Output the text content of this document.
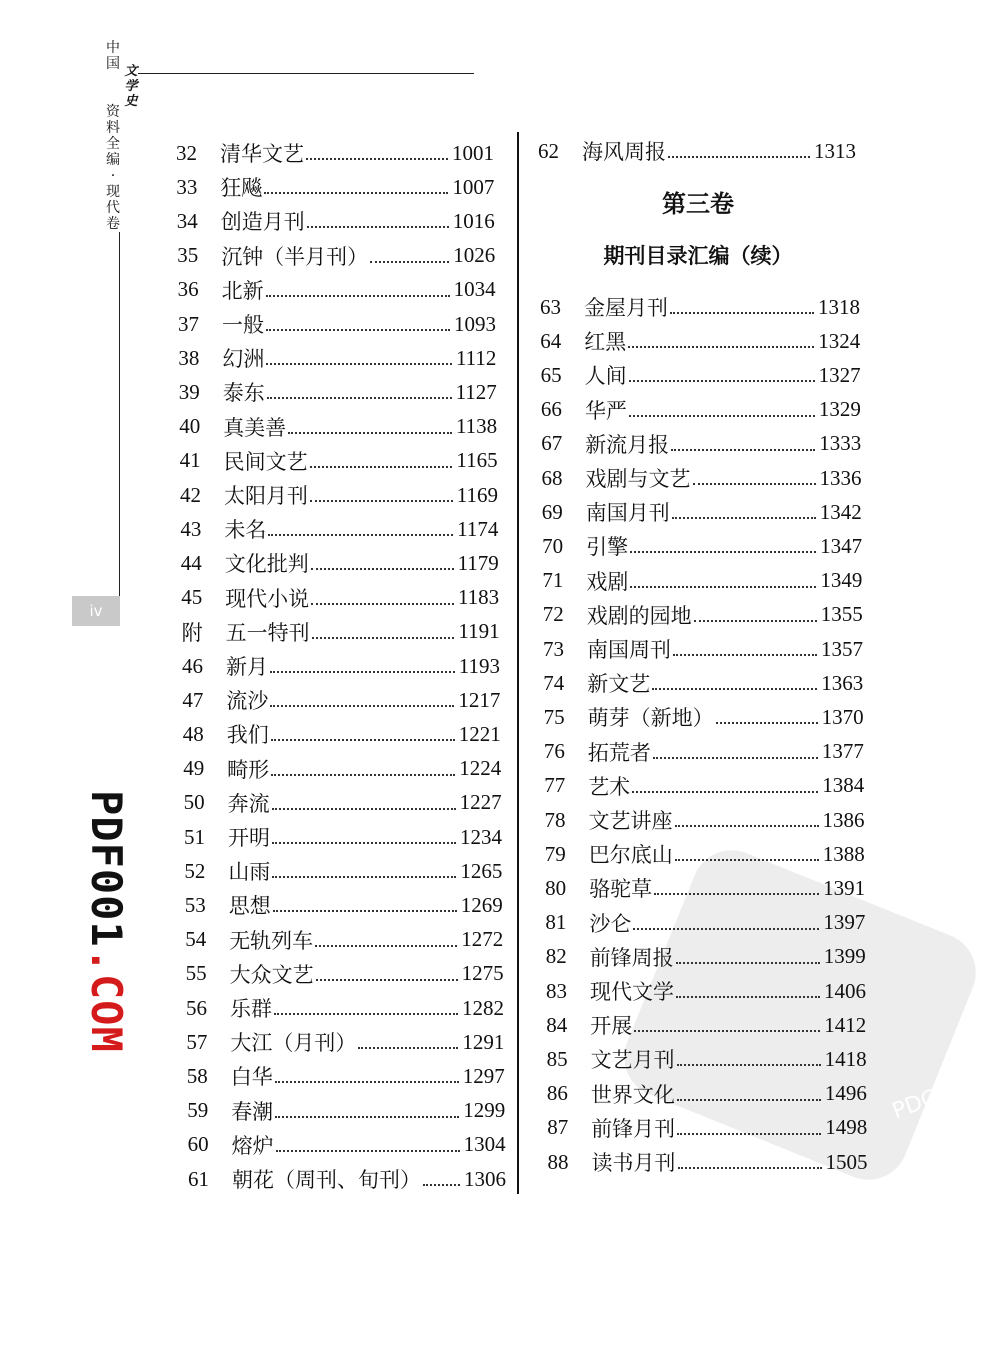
PDG
中
国 文
学
史
资
料
全
编
·
现
代
卷
iv
PDF001.COM
第三卷
期刊目录汇编（续）
32	清华文艺	1001
33	狂飚	1007
34	创造月刊	1016
35	沉钟（半月刊）	1026
36	北新	1034
37	一般	1093
38	幻洲	1112
39	泰东	1127
40	真美善	1138
41	民间文艺	1165
42	太阳月刊	1169
43	未名	1174
44	文化批判	1179
45	现代小说	1183
附	五一特刊	1191
46	新月	1193
47	流沙	1217
48	我们	1221
49	畸形	1224
50	奔流	1227
51	开明	1234
52	山雨	1265
53	思想	1269
54	无轨列车	1272
55	大众文艺	1275
56	乐群	1282
57	大江（月刊）	1291
58	白华	1297
59	春潮	1299
60	熔炉	1304
61	朝花（周刊、旬刊） 1306
62	海风周报	1313
63	金屋月刊	1318
64	红黑	1324
65	人间	1327
66	华严	1329
67	新流月报	1333
68	戏剧与文艺	1336
69	南国月刊	1342
70	引擎	1347
71	戏剧	1349
72	戏剧的园地	1355
73	南国周刊	1357
74	新文艺	1363
75	萌芽（新地）	1370
76	拓荒者	1377
77	艺术	1384
78	文艺讲座	1386
79	巴尔底山	1388
80	骆驼草	1391
81	沙仑	1397
82	前锋周报	1399
83	现代文学	1406
84	开展	1412
85	文艺月刊	1418
86	世界文化	1496
87	前锋月刊	1498
88	读书月刊	1505
